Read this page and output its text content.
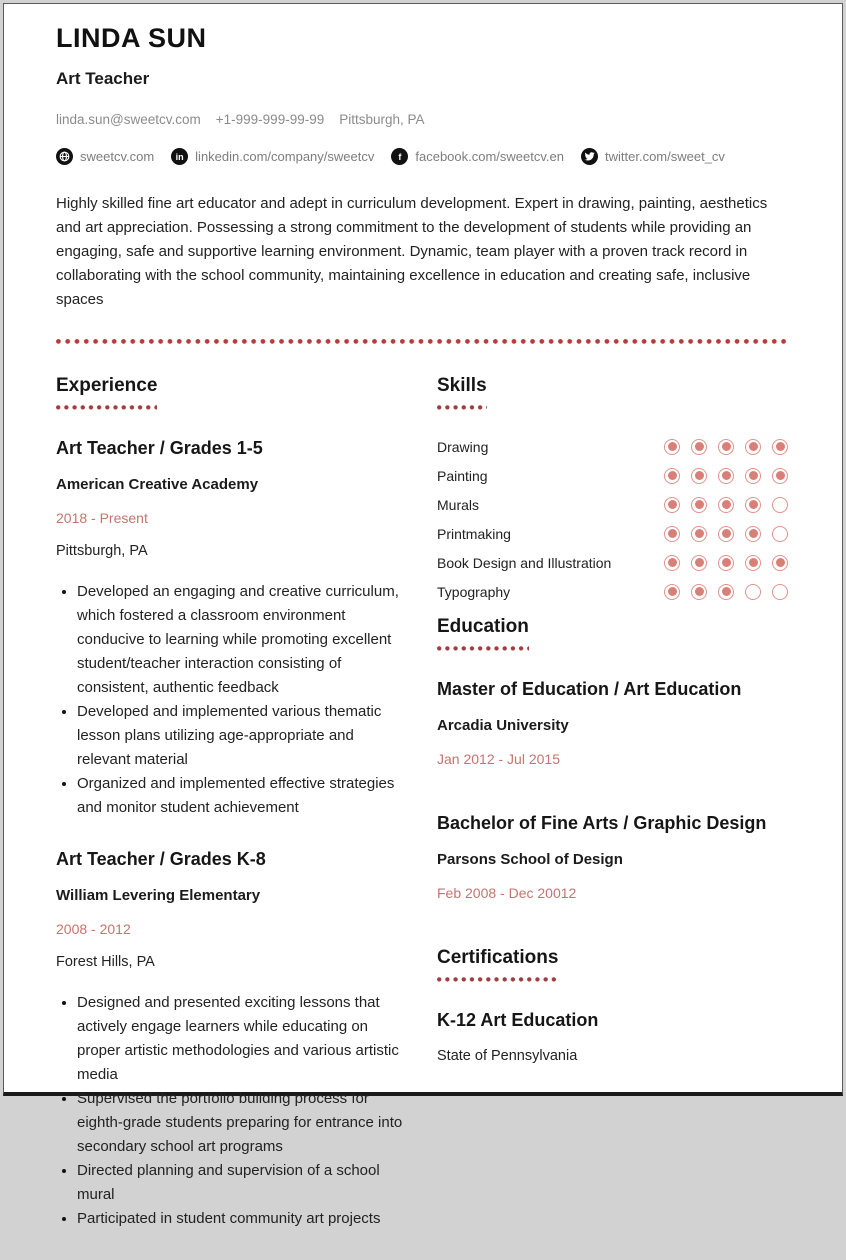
LINDA SUN
Art Teacher
linda.sun@sweetcv.com +1-999-999-99-99 Pittsburgh, PA
sweetcv.com	in linkedin.com/company/sweetcv	f	facebook.com/sweetcv.en	twitter.com/sweet_cv

Highly skilled fine art educator and adept in curriculum development. Expert in drawing, painting, aesthetics and art appreciation. Possessing a strong commitment to the development of students while providing an engaging, safe and supportive learning environment. Dynamic, team player with a proven track record in collaborating with the school community, maintaining excellence in education and creating safe, inclusive spaces

Experience
Art Teacher / Grades 1-5
American Creative Academy
2018 - Present
Pittsburgh, PA
• Developed an engaging and creative curriculum, which fostered a classroom environment conducive to learning while promoting excellent student/teacher interaction consisting of consistent, authentic feedback
• Developed and implemented various thematic lesson plans utilizing age-appropriate and relevant material
• Organized and implemented effective strategies and monitor student achievement
Art Teacher / Grades K-8
William Levering Elementary
2008 - 2012
Forest Hills, PA
• Designed and presented exciting lessons that actively engage learners while educating on proper artistic methodologies and various artistic media
• Supervised the portfolio building process for eighth-grade students preparing for entrance into secondary school art programs
• Directed planning and supervision of a school mural
• Participated in student community art projects
Skills
Drawing
Painting
Murals
Printmaking
Book Design and Illustration
Typography
Education
Master of Education / Art Education
Arcadia University
Jan 2012 - Jul 2015
Bachelor of Fine Arts / Graphic Design
Parsons School of Design
Feb 2008 - Dec 20012
Certifications
K-12 Art Education
State of Pennsylvania
